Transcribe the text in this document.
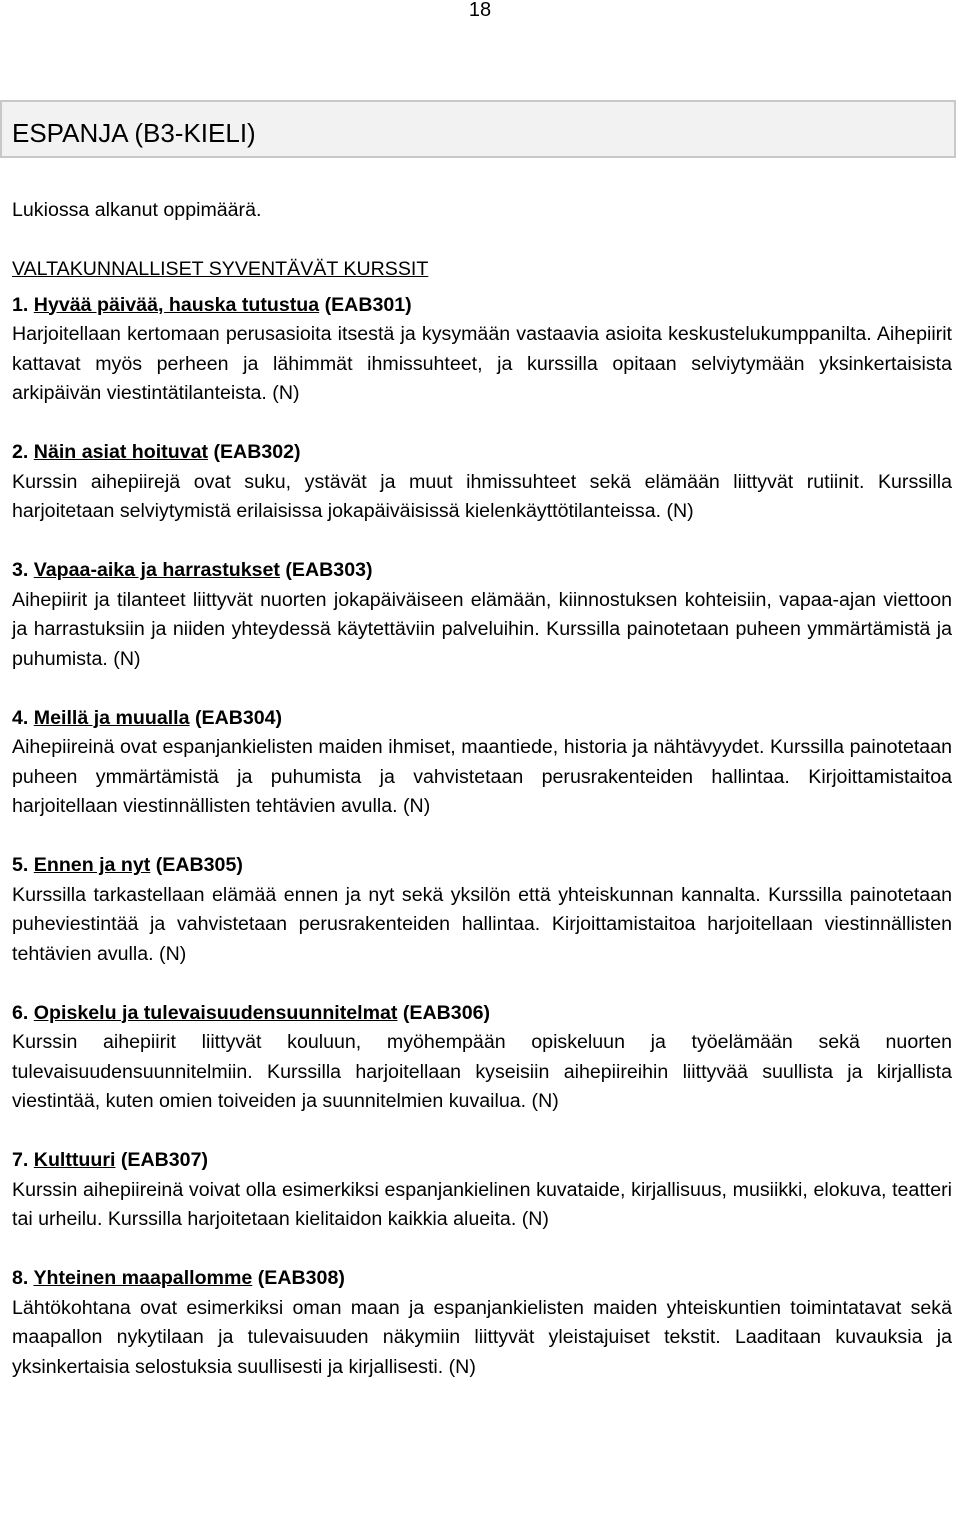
18
ESPANJA (B3-KIELI)

Lukiossa alkanut oppimäärä.

VALTAKUNNALLISET SYVENTÄVÄT KURSSIT

1. Hyvää päivää, hauska tutustua (EAB301)

Harjoitellaan kertomaan perusasioita itsestä ja kysymään vastaavia asioita keskustelukumppanilta. Aihepiirit kattavat myös perheen ja lähimmät ihmissuhteet, ja kurssilla opitaan selviytymään yksinkertaisista arkipäivän viestintätilanteista. (N)

2. Näin asiat hoituvat (EAB302)

Kurssin aihepiirejä ovat suku, ystävät ja muut ihmissuhteet sekä elämään liittyvät rutiinit. Kurssilla harjoitetaan selviytymistä erilaisissa jokapäiväisissä kielenkäyttötilanteissa. (N)

3. Vapaa-aika ja harrastukset (EAB303)

Aihepiirit ja tilanteet liittyvät nuorten jokapäiväiseen elämään, kiinnostuksen kohteisiin, vapaa-ajan viettoon ja harrastuksiin ja niiden yhteydessä käytettäviin palveluihin. Kurssilla painotetaan puheen ymmärtämistä ja puhumista. (N)

4. Meillä ja muualla (EAB304)

Aihepiireinä ovat espanjankielisten maiden ihmiset, maantiede, historia ja nähtävyydet. Kurssilla painotetaan puheen ymmärtämistä ja puhumista ja vahvistetaan perusrakenteiden hallintaa. Kirjoittamistaitoa harjoitellaan viestinnällisten tehtävien avulla. (N)

5. Ennen ja nyt (EAB305)

Kurssilla tarkastellaan elämää ennen ja nyt sekä yksilön että yhteiskunnan kannalta. Kurssilla painotetaan puheviestintää ja vahvistetaan perusrakenteiden hallintaa. Kirjoittamistaitoa harjoitellaan viestinnällisten tehtävien avulla. (N)

6. Opiskelu ja tulevaisuudensuunnitelmat (EAB306)

Kurssin aihepiirit liittyvät kouluun, myöhempään opiskeluun ja työelämään sekä nuorten tulevaisuudensuunnitelmiin. Kurssilla harjoitellaan kyseisiin aihepiireihin liittyvää suullista ja kirjallista viestintää, kuten omien toiveiden ja suunnitelmien kuvailua. (N)

7. Kulttuuri (EAB307)

Kurssin aihepiireinä voivat olla esimerkiksi espanjankielinen kuvataide, kirjallisuus, musiikki, elokuva, teatteri tai urheilu. Kurssilla harjoitetaan kielitaidon kaikkia alueita. (N)

8. Yhteinen maapallomme (EAB308)

Lähtökohtana ovat esimerkiksi oman maan ja espanjankielisten maiden yhteiskuntien toimintatavat sekä maapallon nykytilaan ja tulevaisuuden näkymiin liittyvät yleistajuiset tekstit. Laaditaan kuvauksia ja yksinkertaisia selostuksia suullisesti ja kirjallisesti. (N)
